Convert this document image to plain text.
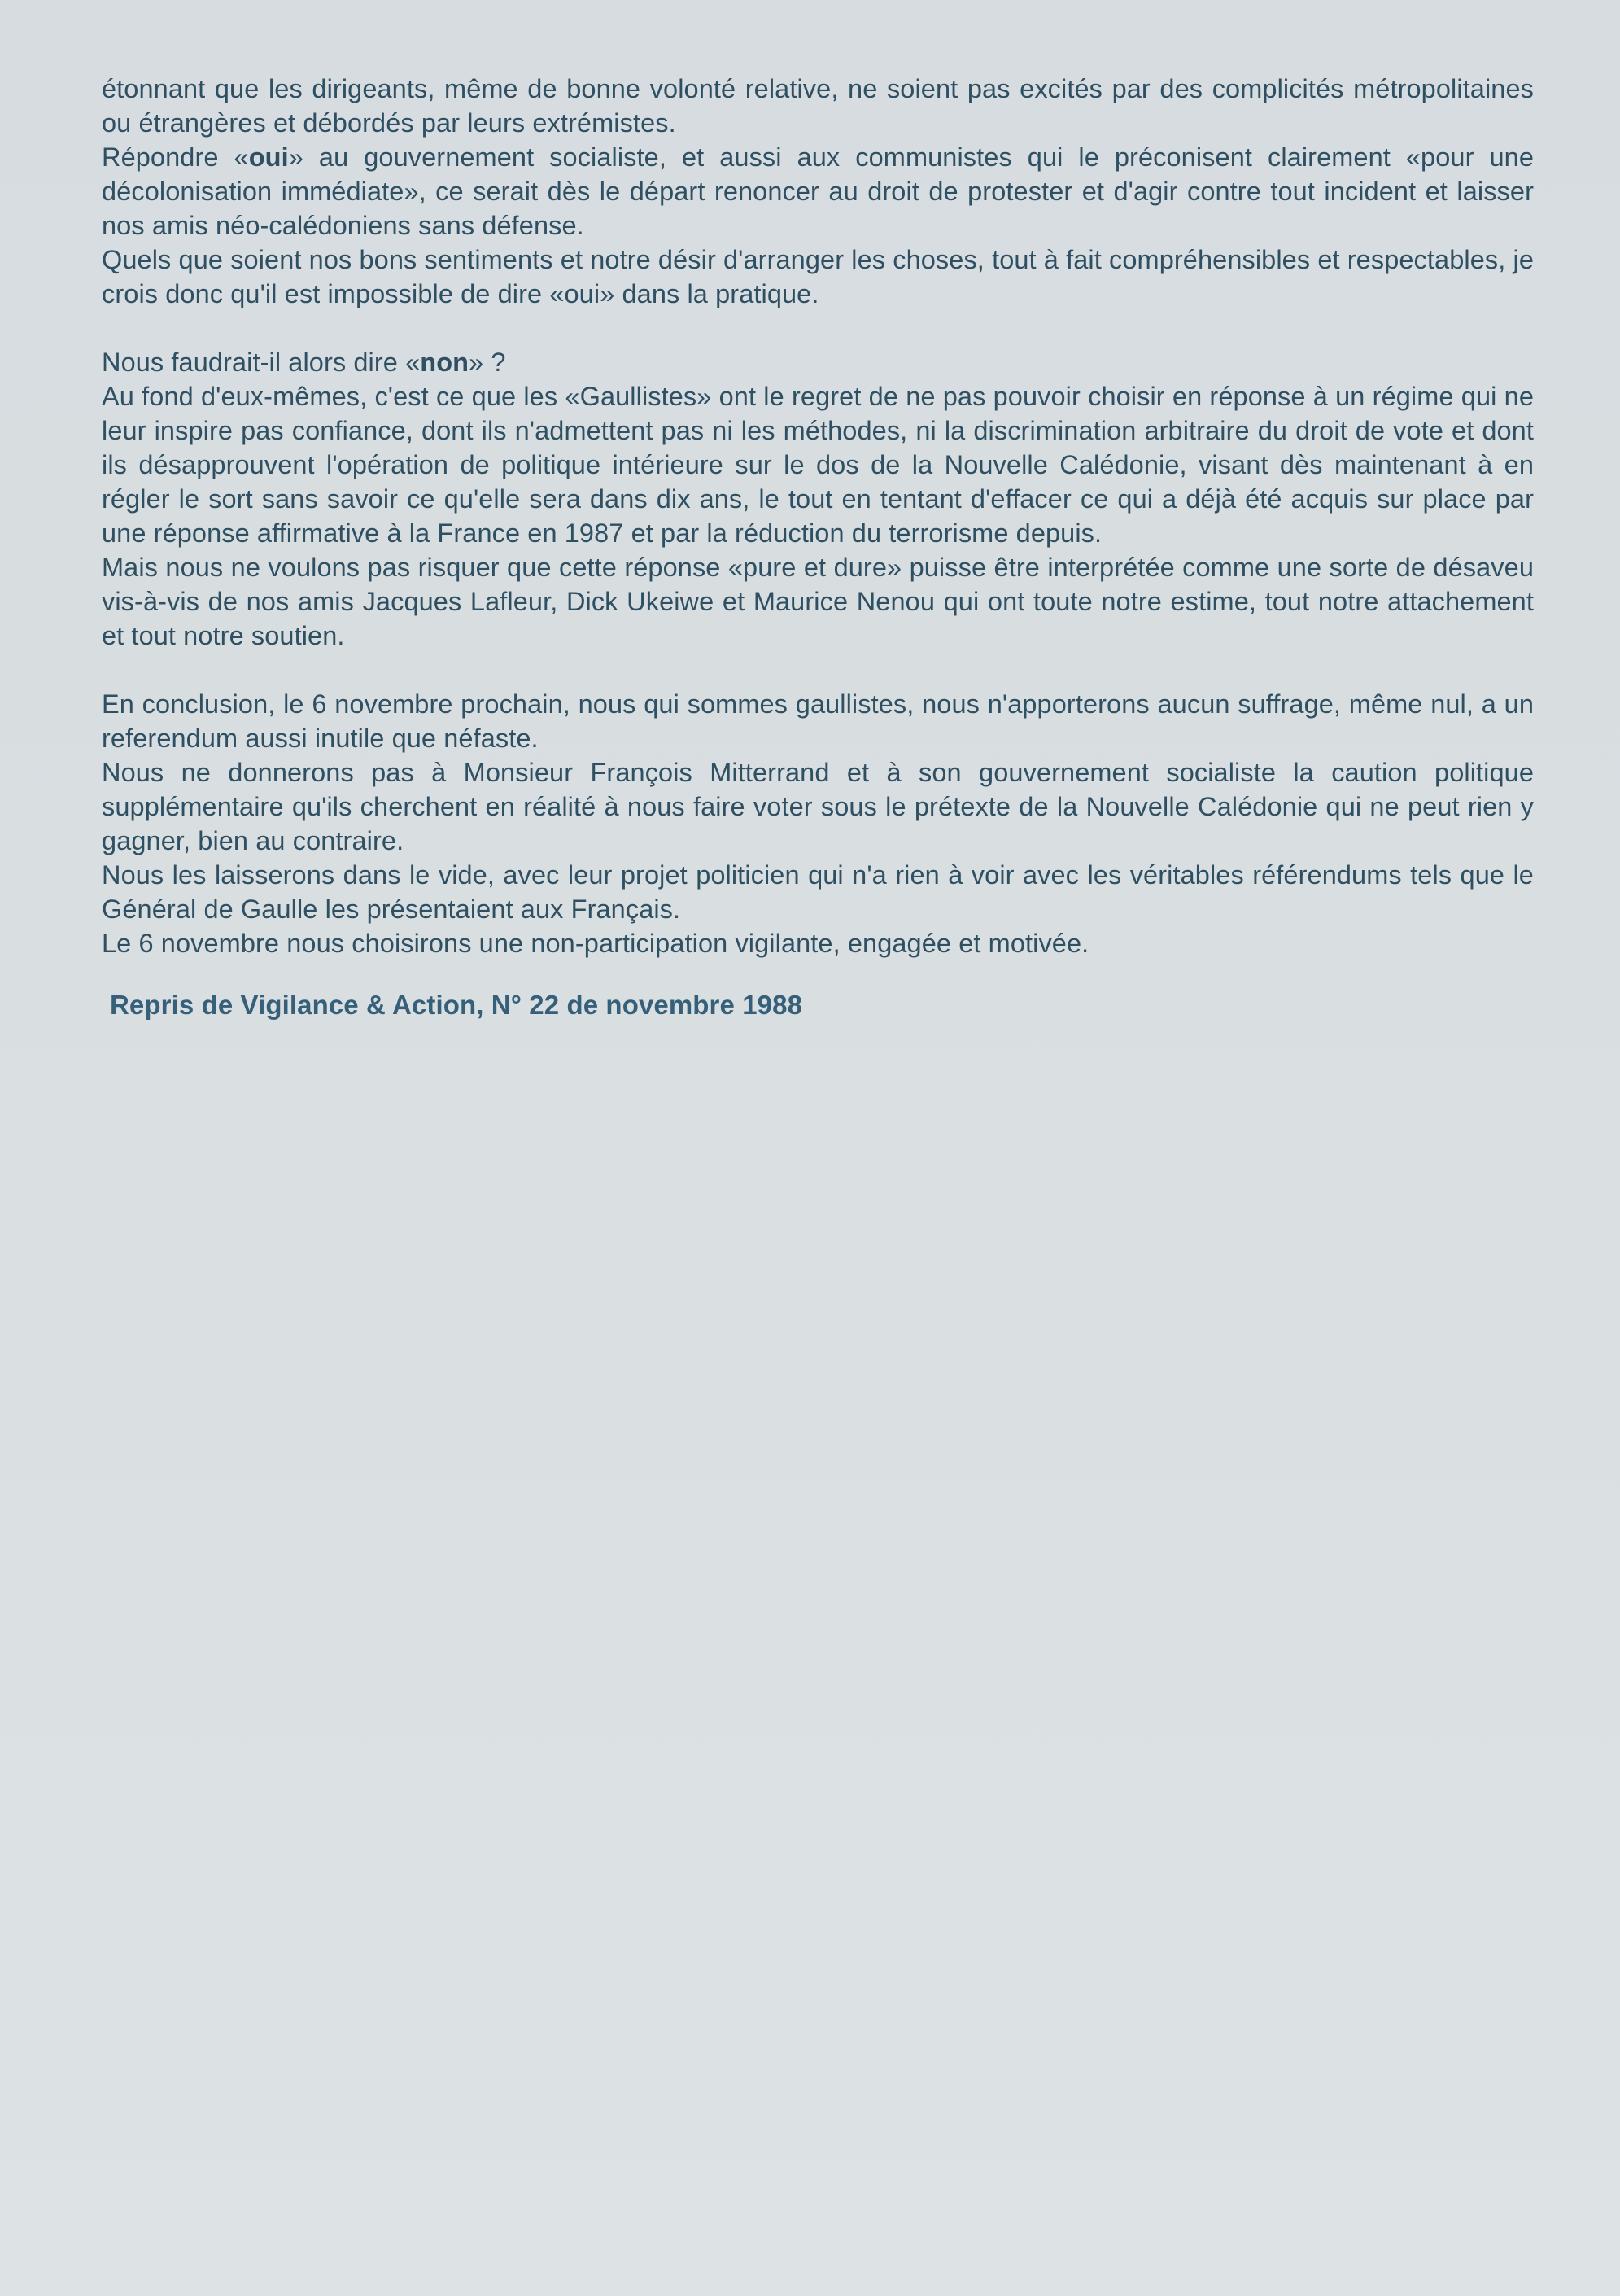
étonnant que les dirigeants, même de bonne volonté relative, ne soient pas excités par des complicités métropolitaines ou étrangères et débordés par leurs extrémistes.

Répondre «oui» au gouvernement socialiste, et aussi aux communistes qui le préconisent clairement «pour une décolonisation immédiate», ce serait dès le départ renoncer au droit de protester et d'agir contre tout incident et laisser nos amis néo-calédoniens sans défense.

Quels que soient nos bons sentiments et notre désir d'arranger les choses, tout à fait compréhensibles et respectables, je crois donc qu'il est impossible de dire «oui» dans la pratique.

Nous faudrait-il alors dire «non» ?

Au fond d'eux-mêmes, c'est ce que les «Gaullistes» ont le regret de ne pas pouvoir choisir en réponse à un régime qui ne leur inspire pas confiance, dont ils n'admettent pas ni les méthodes, ni la discrimination arbitraire du droit de vote et dont ils désapprouvent l'opération de politique intérieure sur le dos de la Nouvelle Calédonie, visant dès maintenant à en régler le sort sans savoir ce qu'elle sera dans dix ans, le tout en tentant d'effacer ce qui a déjà été acquis sur place par une réponse affirmative à la France en 1987 et par la réduction du terrorisme depuis.

Mais nous ne voulons pas risquer que cette réponse «pure et dure» puisse être interprétée comme une sorte de désaveu vis-à-vis de nos amis Jacques Lafleur, Dick Ukeiwe et Maurice Nenou qui ont toute notre estime, tout notre attachement et tout notre soutien.

En conclusion, le 6 novembre prochain, nous qui sommes gaullistes, nous n'apporterons aucun suffrage, même nul, a un referendum aussi inutile que néfaste.

Nous ne donnerons pas à Monsieur François Mitterrand et à son gouvernement socialiste la caution politique supplémentaire qu'ils cherchent en réalité à nous faire voter sous le prétexte de la Nouvelle Calédonie qui ne peut rien y gagner, bien au contraire.

Nous les laisserons dans le vide, avec leur projet politicien qui n'a rien à voir avec les véritables référendums tels que le Général de Gaulle les présentaient aux Français.

Le 6 novembre nous choisirons une non-participation vigilante, engagée et motivée.

Repris de Vigilance & Action, N° 22 de novembre 1988
